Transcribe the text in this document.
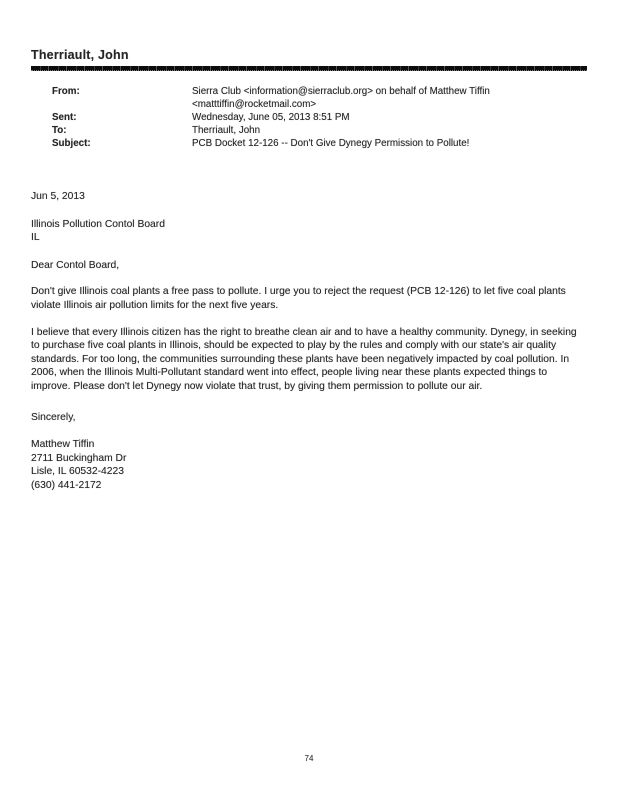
Therriault, John
From:	Sierra Club <information@sierraclub.org> on behalf of Matthew Tiffin <matttiffin@rocketmail.com>
Sent:	Wednesday, June 05, 2013 8:51 PM
To:	Therriault, John
Subject:	PCB Docket 12-126 -- Don't Give Dynegy Permission to Pollute!
Jun 5, 2013
Illinois Pollution Contol Board
IL
Dear Contol Board,

Don't give Illinois coal plants a free pass to pollute. I urge you to reject the request (PCB 12-126) to let five coal plants violate Illinois air pollution limits for the next five years.

I believe that every Illinois citizen has the right to breathe clean air and to have a healthy community. Dynegy, in seeking to purchase five coal plants in Illinois, should be expected to play by the rules and comply with our state's air quality standards. For too long, the communities surrounding these plants have been negatively impacted by coal pollution. In 2006, when the Illinois Multi-Pollutant standard went into effect, people living near these plants expected things to improve. Please don't let Dynegy now violate that trust, by giving them permission to pollute our air.

Sincerely,
Matthew Tiffin
2711 Buckingham Dr
Lisle, IL 60532-4223
(630) 441-2172
74
